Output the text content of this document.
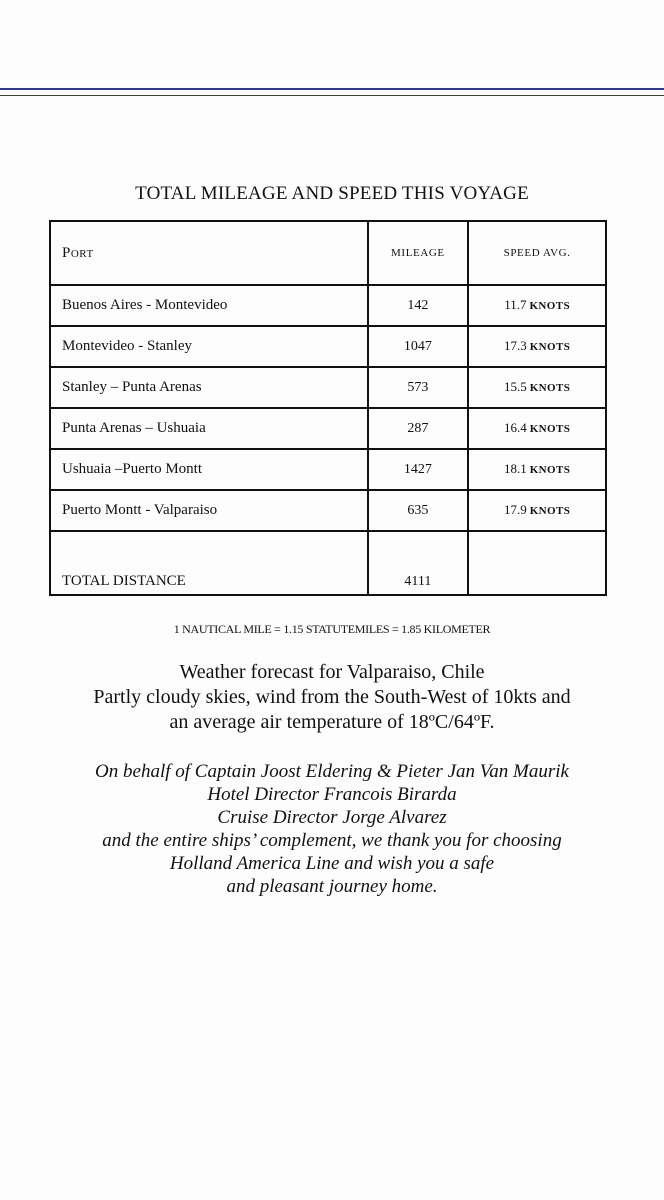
TOTAL MILEAGE AND SPEED THIS VOYAGE
Port	MILEAGE	SPEED AVG.
Buenos Aires - Montevideo	142	11.7 KNOTS
Montevideo - Stanley	1047	17.3 KNOTS
Stanley – Punta Arenas	573	15.5 KNOTS
Punta Arenas – Ushuaia	287	16.4 KNOTS
Ushuaia –Puerto Montt	1427	18.1 KNOTS
Puerto Montt - Valparaiso	635	17.9 KNOTS
TOTAL DISTANCE	4111	
1 NAUTICAL MILE = 1.15 STATUTEMILES = 1.85 KILOMETER
Weather forecast for Valparaiso, Chile
Partly cloudy skies, wind from the South-West of 10kts and
an average air temperature of 18ºC/64ºF.
On behalf of Captain Joost Eldering & Pieter Jan Van Maurik
Hotel Director Francois Birarda
Cruise Director Jorge Alvarez
and the entire ships’ complement, we thank you for choosing
Holland America Line and wish you a safe
and pleasant journey home.
